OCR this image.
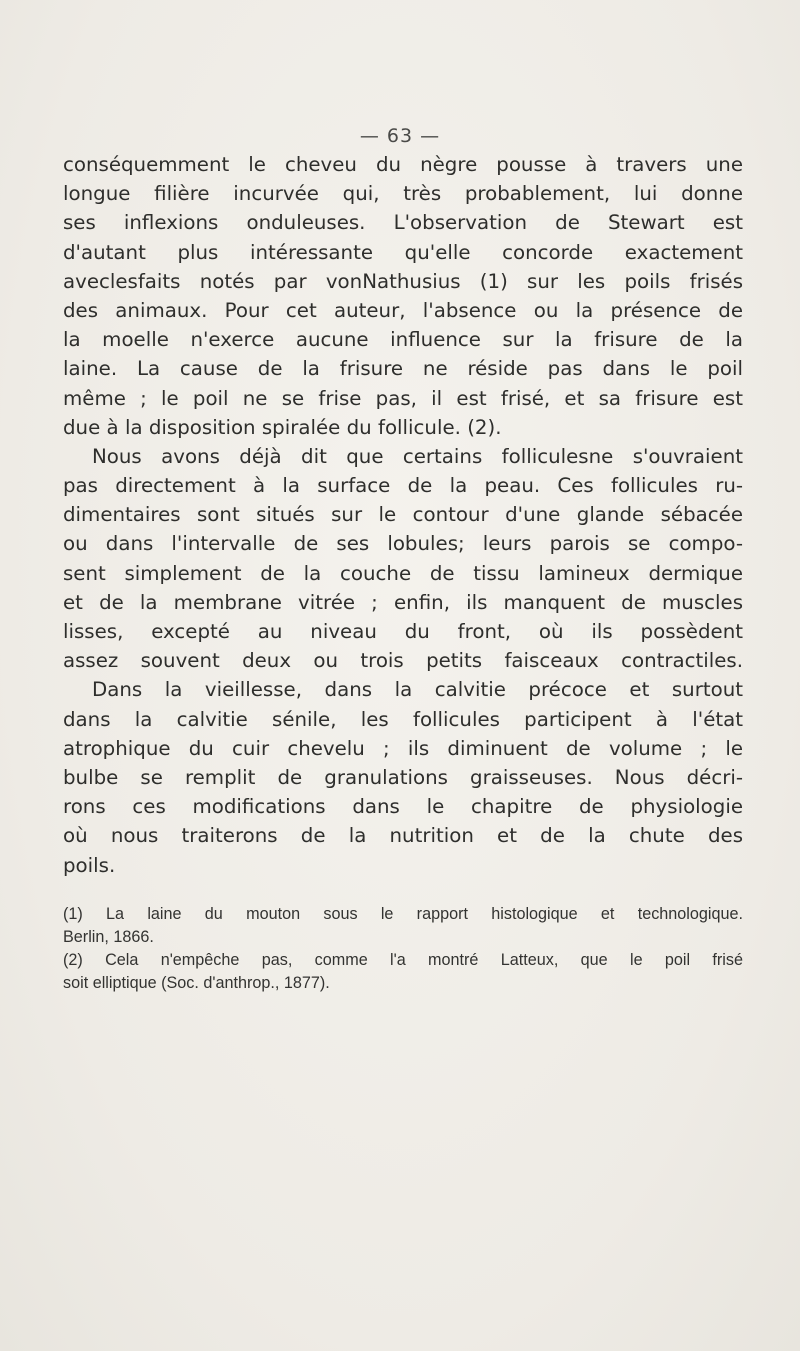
— 63 —
conséquemment le cheveu du nègre pousse à travers une
longue filière incurvée qui, très probablement, lui donne
ses inflexions onduleuses. L'observation de Stewart est
d'autant plus intéressante qu'elle concorde exactement
aveclesfaits notés par vonNathusius (1) sur les poils frisés
des animaux. Pour cet auteur, l'absence ou la présence de
la moelle n'exerce aucune influence sur la frisure de la
laine. La cause de la frisure ne réside pas dans le poil
même ; le poil ne se frise pas, il est frisé, et sa frisure est
due à la disposition spiralée du follicule. (2).
Nous avons déjà dit que certains folliculesne s'ouvraient
pas directement à la surface de la peau. Ces follicules ru-
dimentaires sont situés sur le contour d'une glande sébacée
ou dans l'intervalle de ses lobules; leurs parois se compo-
sent simplement de la couche de tissu lamineux dermique
et de la membrane vitrée ; enfin, ils manquent de muscles
lisses, excepté au niveau du front, où ils possèdent
assez souvent deux ou trois petits faisceaux contractiles.
Dans la vieillesse, dans la calvitie précoce et surtout
dans la calvitie sénile, les follicules participent à l'état
atrophique du cuir chevelu ; ils diminuent de volume ; le
bulbe se remplit de granulations graisseuses. Nous décri-
rons ces modifications dans le chapitre de physiologie
où nous traiterons de la nutrition et de la chute des
poils.
(1) La laine du mouton sous le rapport histologique et technologique.
Berlin, 1866.
(2) Cela n'empêche pas, comme l'a montré Latteux, que le poil frisé
soit elliptique (Soc. d'anthrop., 1877).
